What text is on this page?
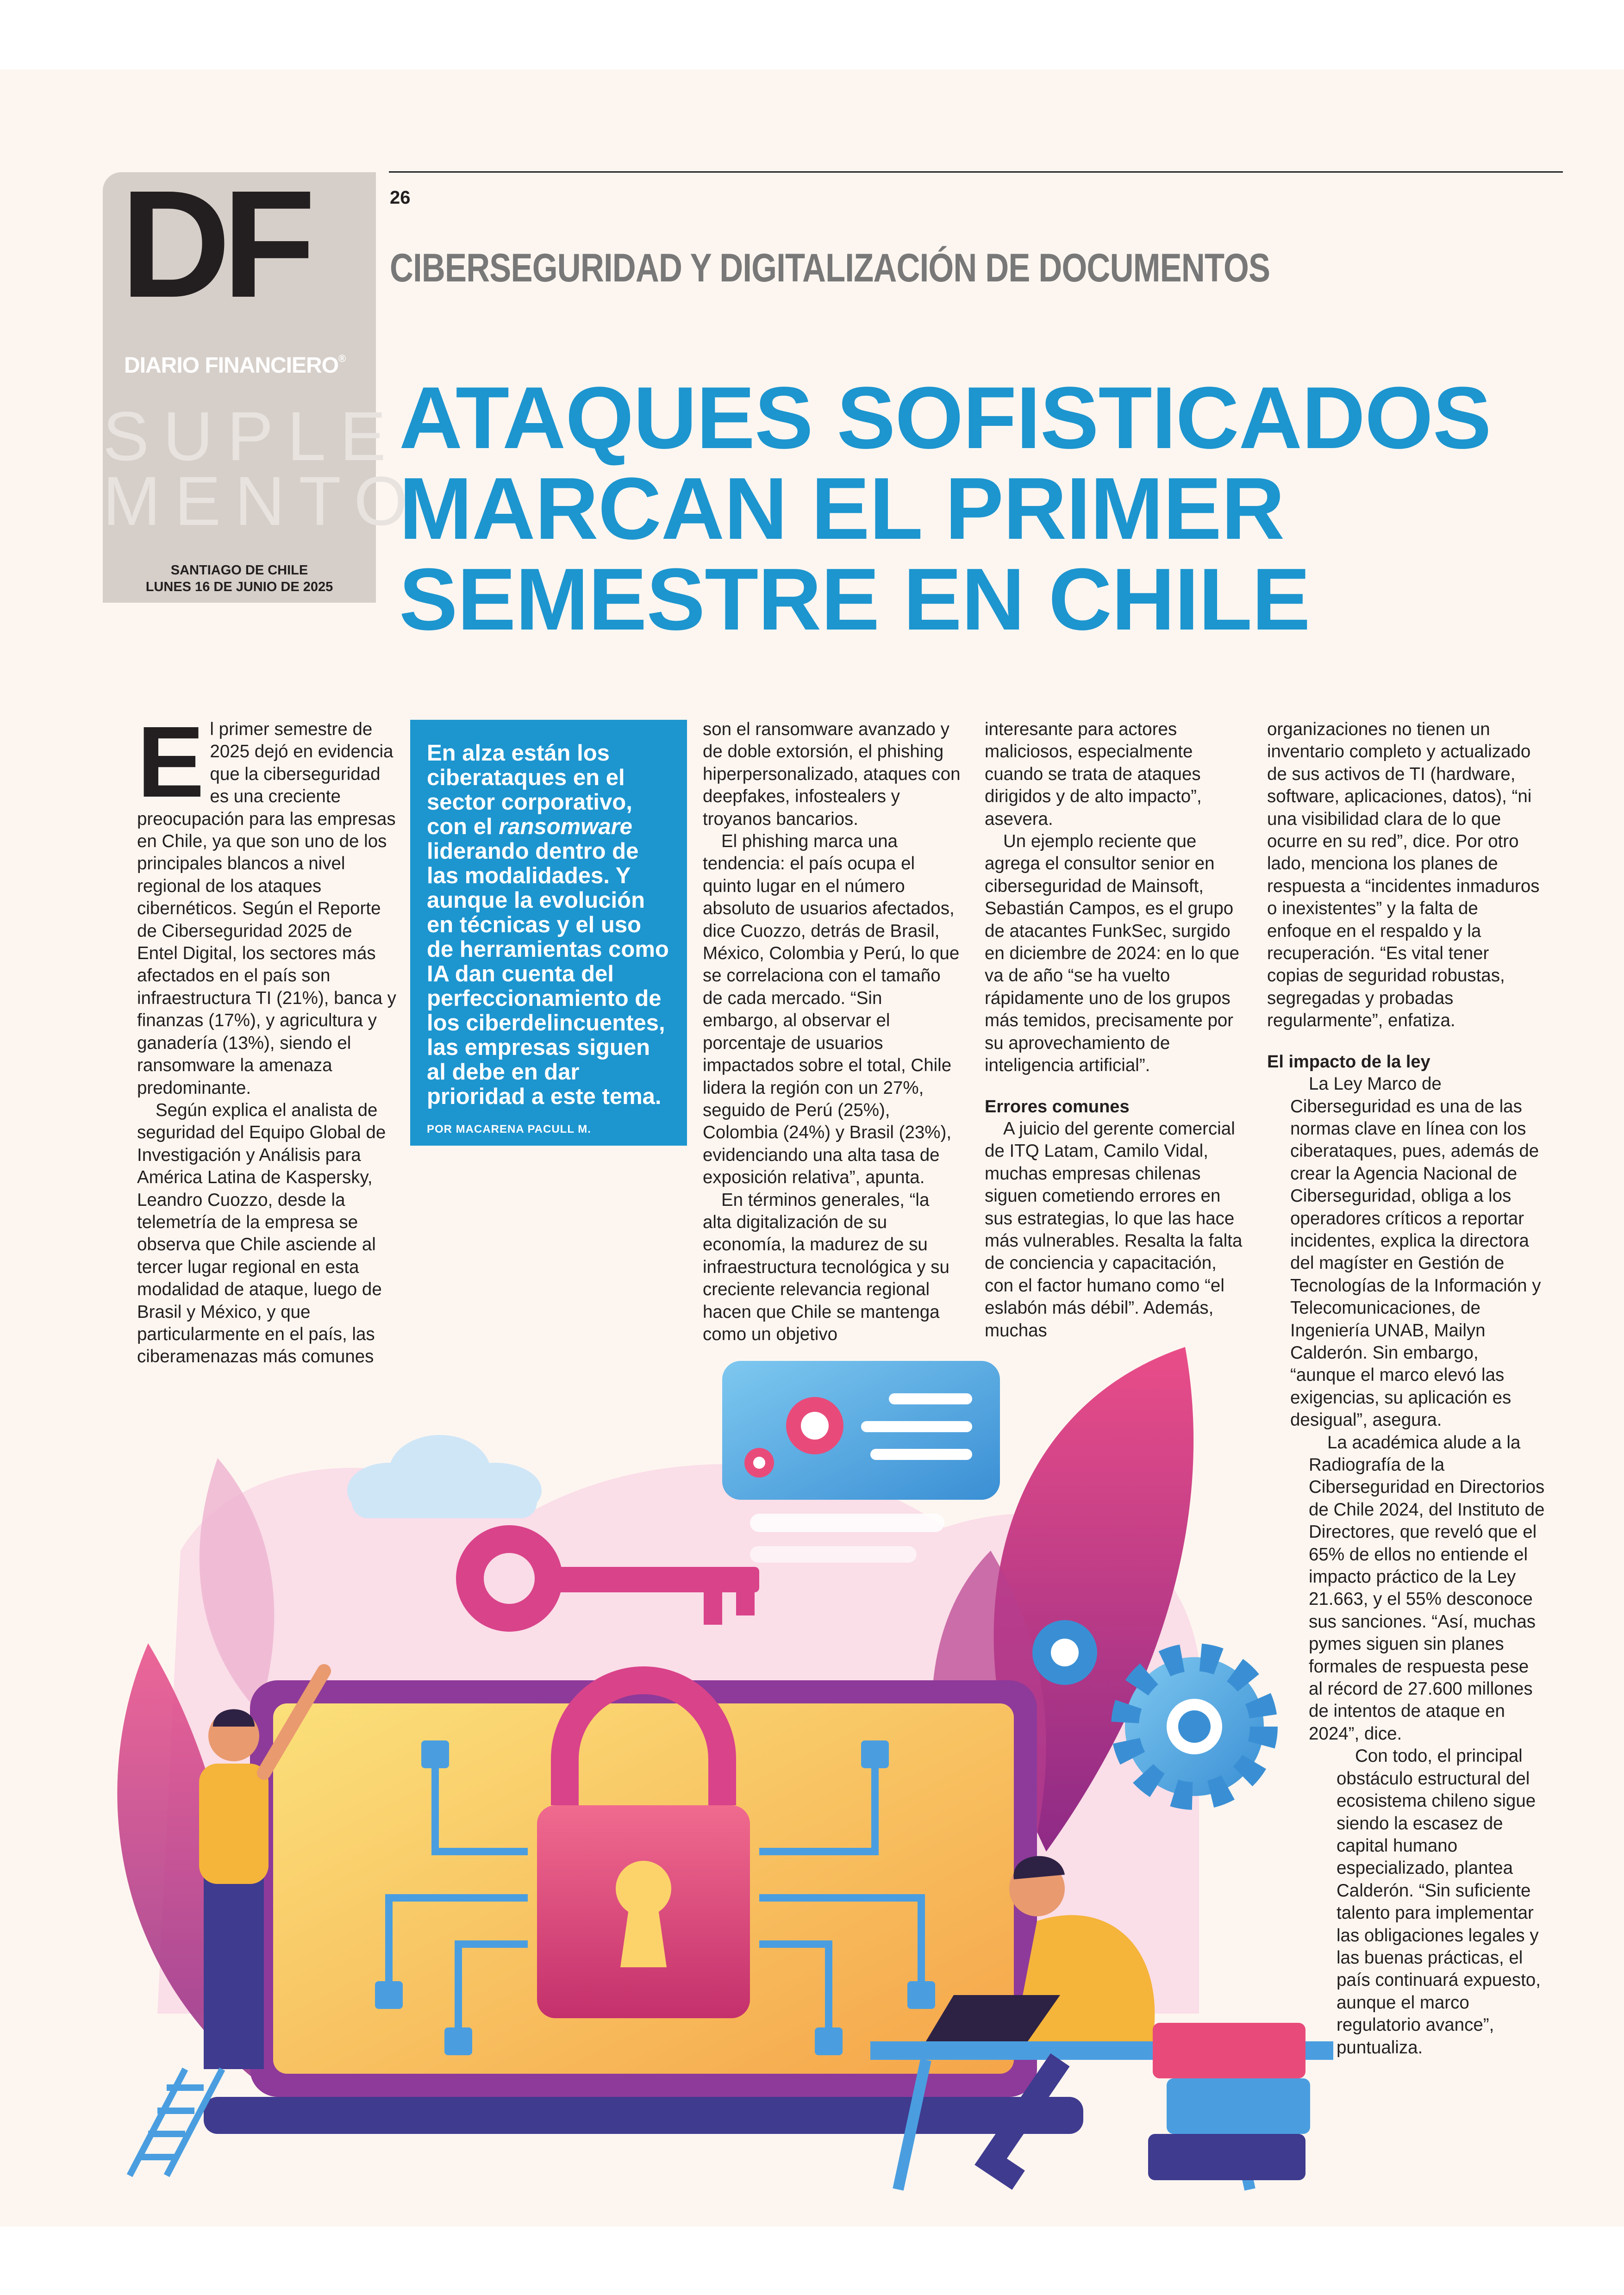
DF
DIARIO FINANCIERO®
SUPLE
MENTO
SANTIAGO DE CHILE
LUNES 16 DE JUNIO DE 2025
26
CIBERSEGURIDAD Y DIGITALIZACIÓN DE DOCUMENTOS
ATAQUES SOFISTICADOS
MARCAN EL PRIMER
SEMESTRE EN CHILE

El primer semestre de 2025 dejó en evidencia que la ciberseguridad es una creciente preocupación para las empresas en Chile, ya que son uno de los principales blancos a nivel regional de los ataques cibernéticos. Según el Reporte de Ciberseguridad 2025 de Entel Digital, los sectores más afectados en el país son infraestructura TI (21%), banca y finanzas (17%), y agricultura y ganadería (13%), siendo el ransomware la amenaza predominante.

Según explica el analista de seguridad del Equipo Global de Investigación y Análisis para América Latina de Kaspersky, Leandro Cuozzo, desde la telemetría de la empresa se observa que Chile asciende al tercer lugar regional en esta modalidad de ataque, luego de Brasil y México, y que particularmente en el país, las ciberamenazas más comunes

En alza están los ciberataques en el sector corporativo, con el ransomware liderando dentro de las modalidades. Y aunque la evolución en técnicas y el uso de herramientas como IA dan cuenta del perfeccionamiento de los ciberdelincuentes, las empresas siguen al debe en dar prioridad a este tema.
POR MACARENA PACULL M.

son el ransomware avanzado y de doble extorsión, el phishing hiperpersonalizado, ataques con deepfakes, infostealers y troyanos bancarios.

El phishing marca una tendencia: el país ocupa el quinto lugar en el número absoluto de usuarios afectados, dice Cuozzo, detrás de Brasil, México, Colombia y Perú, lo que se correlaciona con el tamaño de cada mercado. “Sin embargo, al observar el porcentaje de usuarios impactados sobre el total, Chile lidera la región con un 27%, seguido de Perú (25%), Colombia (24%) y Brasil (23%), evidenciando una alta tasa de exposición relativa”, apunta.

En términos generales, “la alta digitalización de su economía, la madurez de su infraestructura tecnológica y su creciente relevancia regional hacen que Chile se mantenga como un objetivo

interesante para actores maliciosos, especialmente cuando se trata de ataques dirigidos y de alto impacto”, asevera.

Un ejemplo reciente que agrega el consultor senior en ciberseguridad de Mainsoft, Sebastián Campos, es el grupo de atacantes FunkSec, surgido en diciembre de 2024: en lo que va de año “se ha vuelto rápidamente uno de los grupos más temidos, precisamente por su aprovechamiento de inteligencia artificial”.

Errores comunes

A juicio del gerente comercial de ITQ Latam, Camilo Vidal, muchas empresas chilenas siguen cometiendo errores en sus estrategias, lo que las hace más vulnerables. Resalta la falta de conciencia y capacitación, con el factor humano como “el eslabón más débil”. Además, muchas

organizaciones no tienen un inventario completo y actualizado de sus activos de TI (hardware, software, aplicaciones, datos), “ni una visibilidad clara de lo que ocurre en su red”, dice. Por otro lado, menciona los planes de respuesta a “incidentes inmaduros o inexistentes” y la falta de enfoque en el respaldo y la recuperación. “Es vital tener copias de seguridad robustas, segregadas y probadas regularmente”, enfatiza.

El impacto de la ley

La Ley Marco de Ciberseguridad es una de las normas clave en línea con los ciberataques, pues, además de crear la Agencia Nacional de Ciberseguridad, obliga a los operadores críticos a reportar incidentes, explica la directora del magíster en Gestión de Tecnologías de la Información y Telecomunicaciones, de Ingeniería UNAB, Mailyn Calderón. Sin embargo, “aunque el marco elevó las exigencias, su aplicación es desigual”, asegura.

La académica alude a la Radiografía de la Ciberseguridad en Directorios de Chile 2024, del Instituto de Directores, que reveló que el 65% de ellos no entiende el impacto práctico de la Ley 21.663, y el 55% desconoce sus sanciones. “Así, muchas pymes siguen sin planes formales de respuesta pese al récord de 27.600 millones de intentos de ataque en 2024”, dice.

Con todo, el principal obstáculo estructural del ecosistema chileno sigue siendo la escasez de capital humano especializado, plantea Calderón. “Sin suficiente talento para implementar las obligaciones legales y las buenas prácticas, el país continuará expuesto, aunque el marco regulatorio avance”, puntualiza.
